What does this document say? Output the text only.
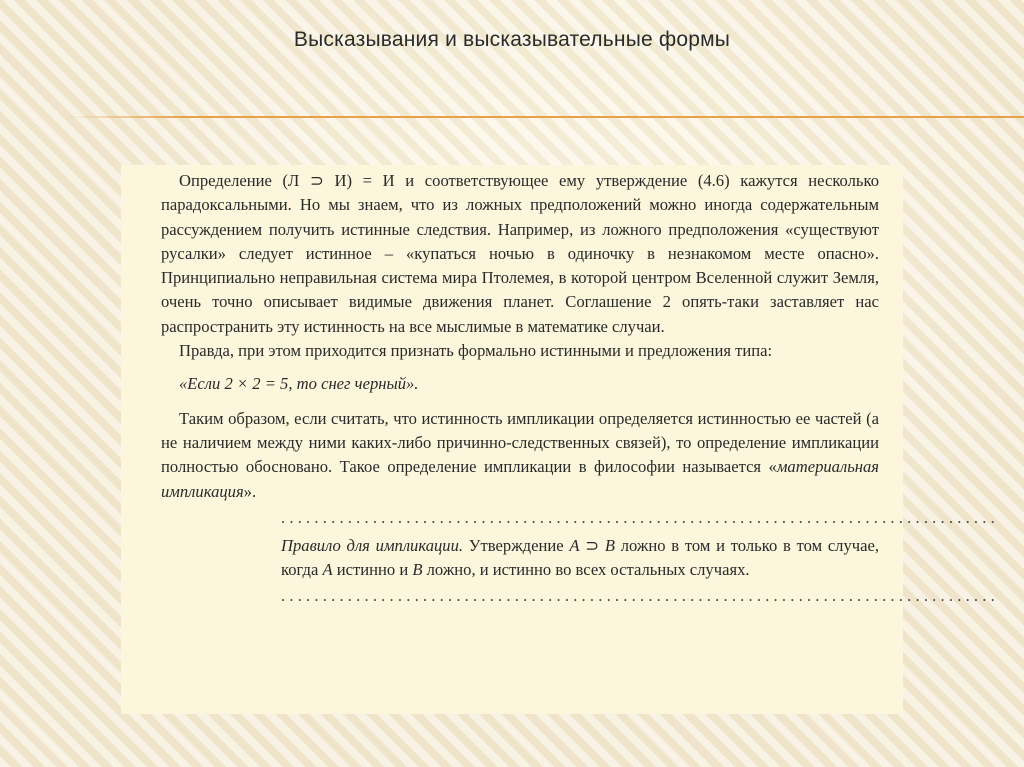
Высказывания и высказывательные формы

Определение (Л ⊃ И) = И и соответствующее ему утверждение (4.6) кажутся несколько парадоксальными. Но мы знаем, что из ложных предположений можно иногда содержательным рассуждением получить истинные следствия. Например, из ложного предположения «существуют русалки» следует истинное – «купаться ночью в одиночку в незнакомом месте опасно». Принципиально неправильная система мира Птолемея, в которой центром Вселенной служит Земля, очень точно описывает видимые движения планет. Соглашение 2 опять-таки заставляет нас распространить эту истинность на все мыслимые в математике случаи.

Правда, при этом приходится признать формально истинными и предложения типа:

«Если 2 × 2 = 5, то снег черный».

Таким образом, если считать, что истинность импликации определяется истинностью ее частей (а не наличием между ними каких-либо причинно-следственных связей), то определение импликации полностью обосновано. Такое определение импликации в философии называется «материальная импликация».

......................................................................................

Правило для импликации. Утверждение A ⊃ B ложно в том и только в том случае, когда A истинно и B ложно, и истинно во всех остальных случаях.

......................................................................................
